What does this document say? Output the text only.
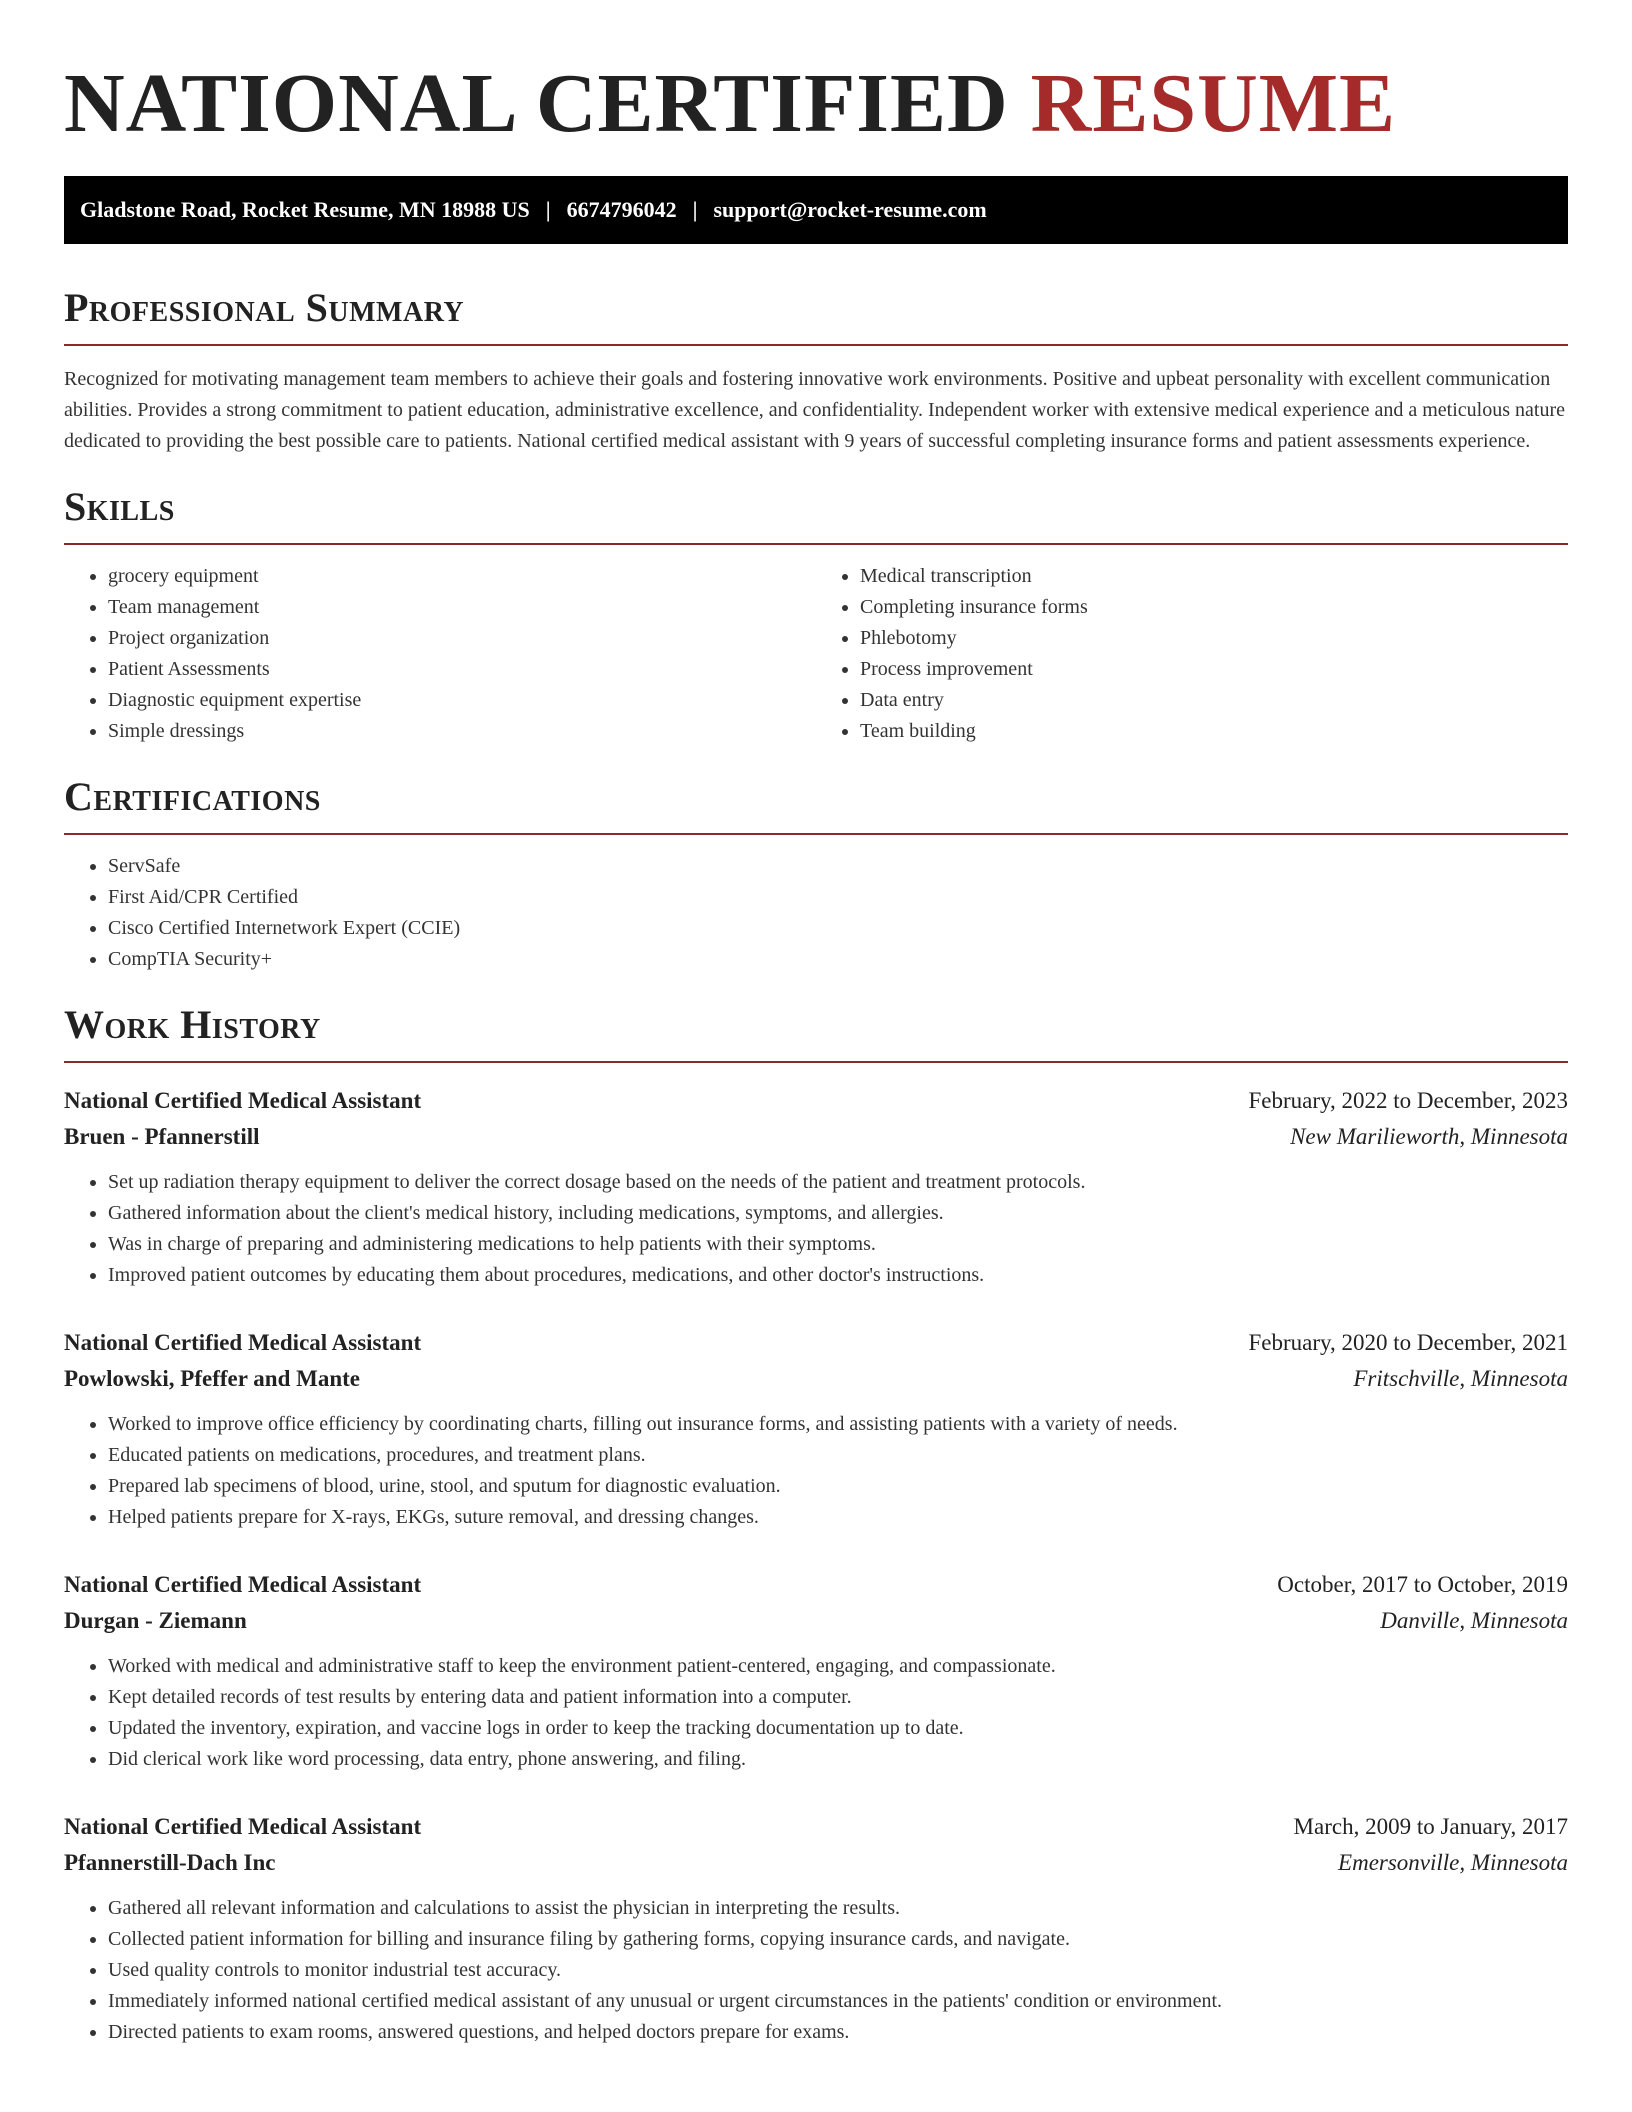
NATIONAL CERTIFIED RESUME
Gladstone Road, Rocket Resume, MN 18988 US | 6674796042 | support@rocket-resume.com
Professional Summary

Recognized for motivating management team members to achieve their goals and fostering innovative work environments. Positive and upbeat personality with excellent communication abilities. Provides a strong commitment to patient education, administrative excellence, and confidentiality. Independent worker with extensive medical experience and a meticulous nature dedicated to providing the best possible care to patients. National certified medical assistant with 9 years of successful completing insurance forms and patient assessments experience.

Skills
• grocery equipment
• Team management
• Project organization
• Patient Assessments
• Diagnostic equipment expertise
• Simple dressings
• Medical transcription
• Completing insurance forms
• Phlebotomy
• Process improvement
• Data entry
• Team building
Certifications
• ServSafe
• First Aid/CPR Certified
• Cisco Certified Internetwork Expert (CCIE)
• CompTIA Security+
Work History
National Certified Medical Assistant	February, 2022 to December, 2023
Bruen - Pfannerstill	New Marilieworth, Minnesota
• Set up radiation therapy equipment to deliver the correct dosage based on the needs of the patient and treatment protocols.
• Gathered information about the client's medical history, including medications, symptoms, and allergies.
• Was in charge of preparing and administering medications to help patients with their symptoms.
• Improved patient outcomes by educating them about procedures, medications, and other doctor's instructions.
National Certified Medical Assistant	February, 2020 to December, 2021
Powlowski, Pfeffer and Mante	Fritschville, Minnesota
• Worked to improve office efficiency by coordinating charts, filling out insurance forms, and assisting patients with a variety of needs.
• Educated patients on medications, procedures, and treatment plans.
• Prepared lab specimens of blood, urine, stool, and sputum for diagnostic evaluation.
• Helped patients prepare for X-rays, EKGs, suture removal, and dressing changes.
National Certified Medical Assistant	October, 2017 to October, 2019
Durgan - Ziemann	Danville, Minnesota
• Worked with medical and administrative staff to keep the environment patient-centered, engaging, and compassionate.
• Kept detailed records of test results by entering data and patient information into a computer.
• Updated the inventory, expiration, and vaccine logs in order to keep the tracking documentation up to date.
• Did clerical work like word processing, data entry, phone answering, and filing.
National Certified Medical Assistant	March, 2009 to January, 2017
Pfannerstill-Dach Inc	Emersonville, Minnesota
• Gathered all relevant information and calculations to assist the physician in interpreting the results.
• Collected patient information for billing and insurance filing by gathering forms, copying insurance cards, and navigate.
• Used quality controls to monitor industrial test accuracy.
• Immediately informed national certified medical assistant of any unusual or urgent circumstances in the patients' condition or environment.
• Directed patients to exam rooms, answered questions, and helped doctors prepare for exams.
